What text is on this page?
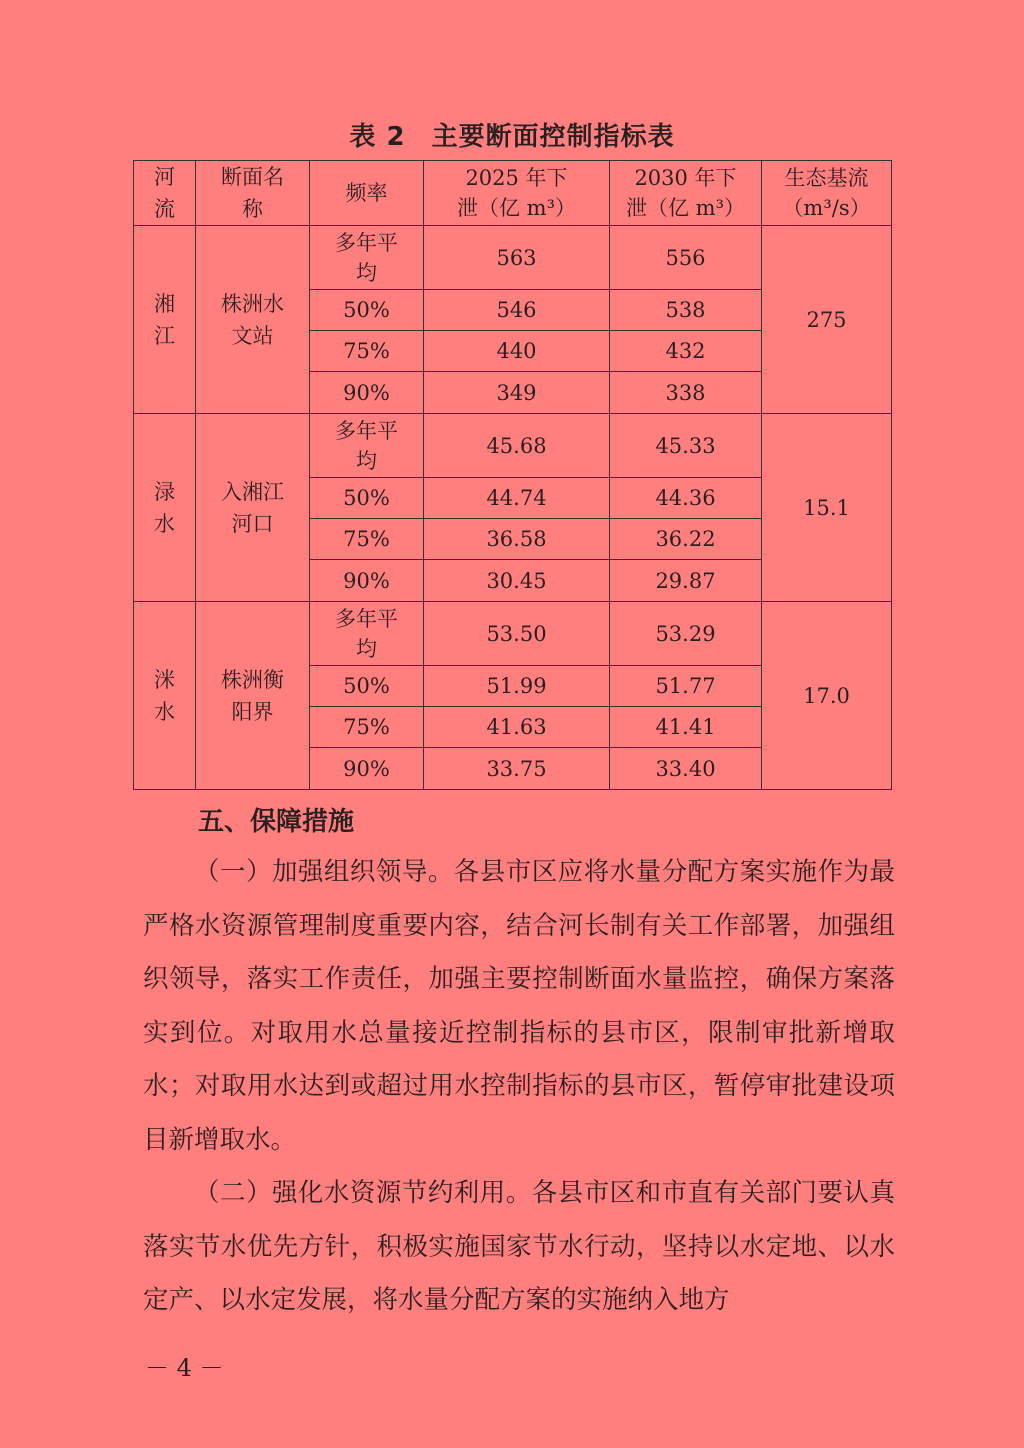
表 2 主要断面控制指标表
河流	断面名称	频率	2025 年下泄（亿 m³）	2030 年下泄（亿 m³）	生态基流（m³/s）
湘江	株洲水文站	多年平均	563	556	275
		50%	546	538	
		75%	440	432	
		90%	349	338	
渌水	入湘江河口	多年平均	45.68	45.33	15.1
		50%	44.74	44.36	
		75%	36.58	36.22	
		90%	30.45	29.87	
洣水	株洲衡阳界	多年平均	53.50	53.29	17.0
		50%	51.99	51.77	
		75%	41.63	41.41	
		90%	33.75	33.40	
五、保障措施
（一）加强组织领导。各县市区应将水量分配方案实施作为最严格水资源管理制度重要内容，结合河长制有关工作部署，加强组织领导，落实工作责任，加强主要控制断面水量监控，确保方案落实到位。对取用水总量接近控制指标的县市区，限制审批新增取水；对取用水达到或超过用水控制指标的县市区，暂停审批建设项目新增取水。
（二）强化水资源节约利用。各县市区和市直有关部门要认真落实节水优先方针，积极实施国家节水行动，坚持以水定地、以水定产、以水定发展，将水量分配方案的实施纳入地方
－ 4 －
